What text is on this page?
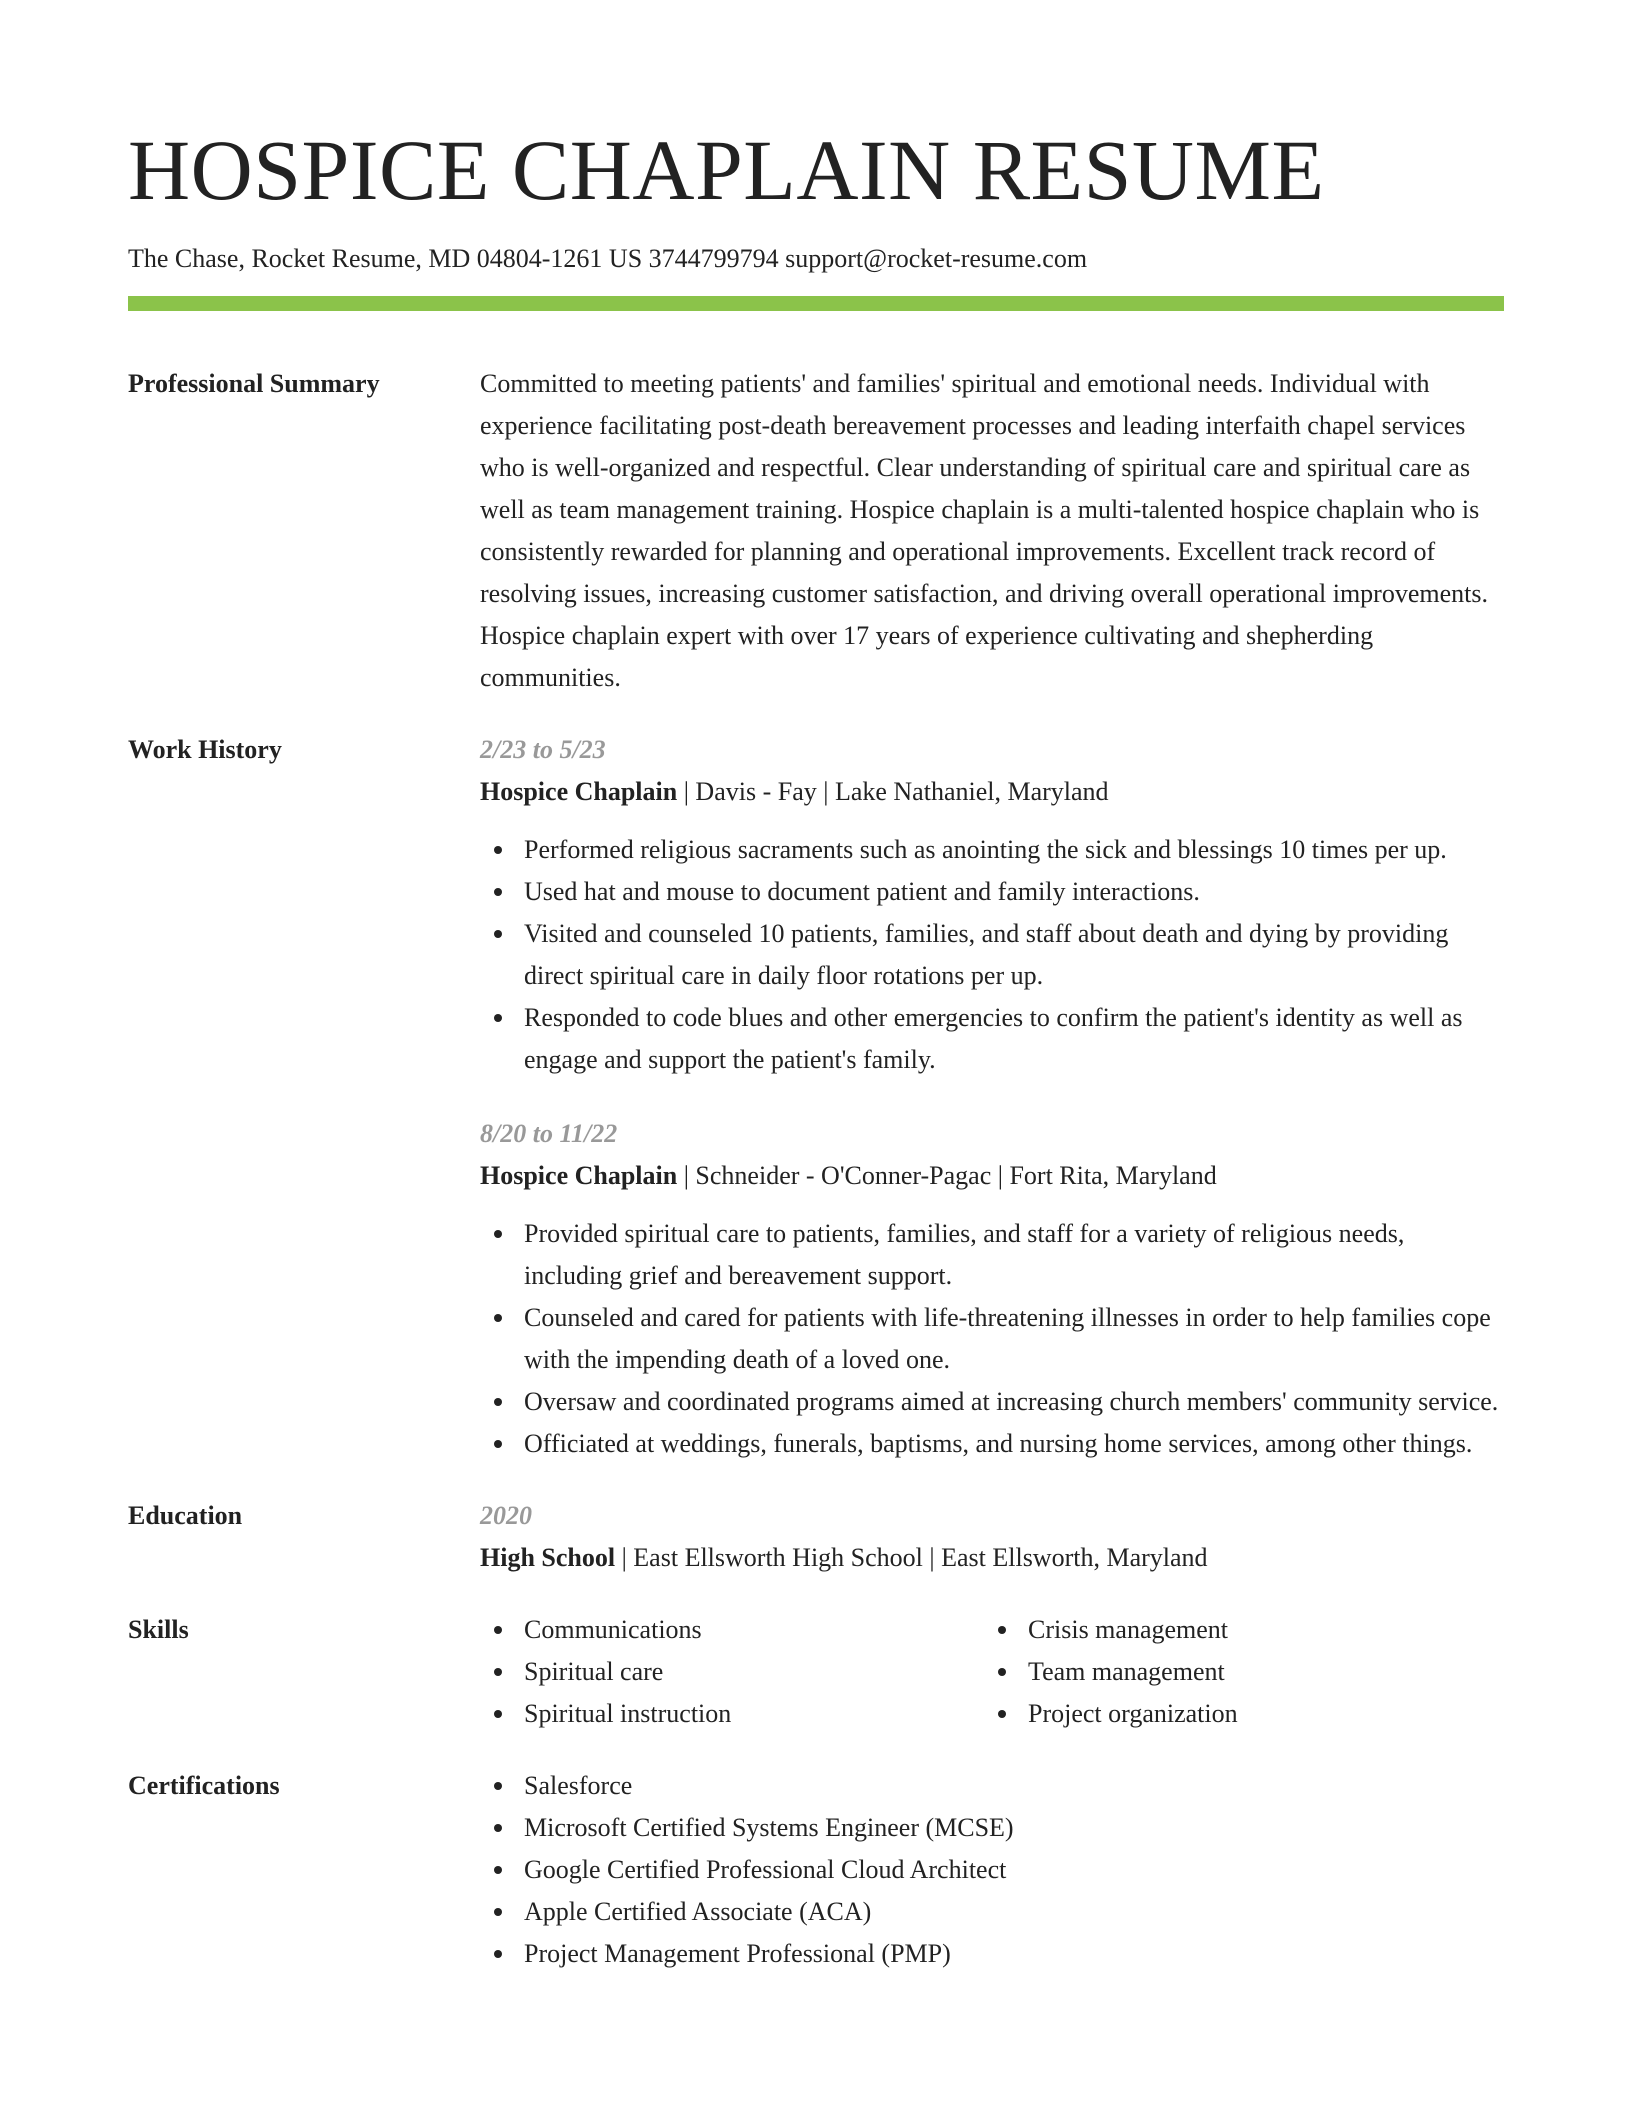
HOSPICE CHAPLAIN RESUME
The Chase, Rocket Resume, MD 04804-1261 US 3744799794 support@rocket-resume.com
Professional Summary	Committed to meeting patients' and families' spiritual and emotional needs. Individual with experience facilitating post-death bereavement processes and leading interfaith chapel services who is well-organized and respectful. Clear understanding of spiritual care and spiritual care as well as team management training. Hospice chaplain is a multi-talented hospice chaplain who is consistently rewarded for planning and operational improvements. Excellent track record of resolving issues, increasing customer satisfaction, and driving overall operational improvements. Hospice chaplain expert with over 17 years of experience cultivating and shepherding communities.

Work History	2/23 to 5/23
Hospice Chaplain | Davis - Fay | Lake Nathaniel, Maryland
Performed religious sacraments such as anointing the sick and blessings 10 times per up.
Used hat and mouse to document patient and family interactions.
Visited and counseled 10 patients, families, and staff about death and dying by providing direct spiritual care in daily floor rotations per up.
Responded to code blues and other emergencies to confirm the patient's identity as well as engage and support the patient's family.
8/20 to 11/22
Hospice Chaplain | Schneider - O'Conner-Pagac | Fort Rita, Maryland
Provided spiritual care to patients, families, and staff for a variety of religious needs, including grief and bereavement support.
Counseled and cared for patients with life-threatening illnesses in order to help families cope with the impending death of a loved one.
Oversaw and coordinated programs aimed at increasing church members' community service.
Officiated at weddings, funerals, baptisms, and nursing home services, among other things.
Education	2020
High School | East Ellsworth High School | East Ellsworth, Maryland
Skills	Communications
Spiritual care
Spiritual instruction
Crisis management
Team management
Project organization
Certifications	Salesforce
Microsoft Certified Systems Engineer (MCSE)
Google Certified Professional Cloud Architect
Apple Certified Associate (ACA)
Project Management Professional (PMP)
